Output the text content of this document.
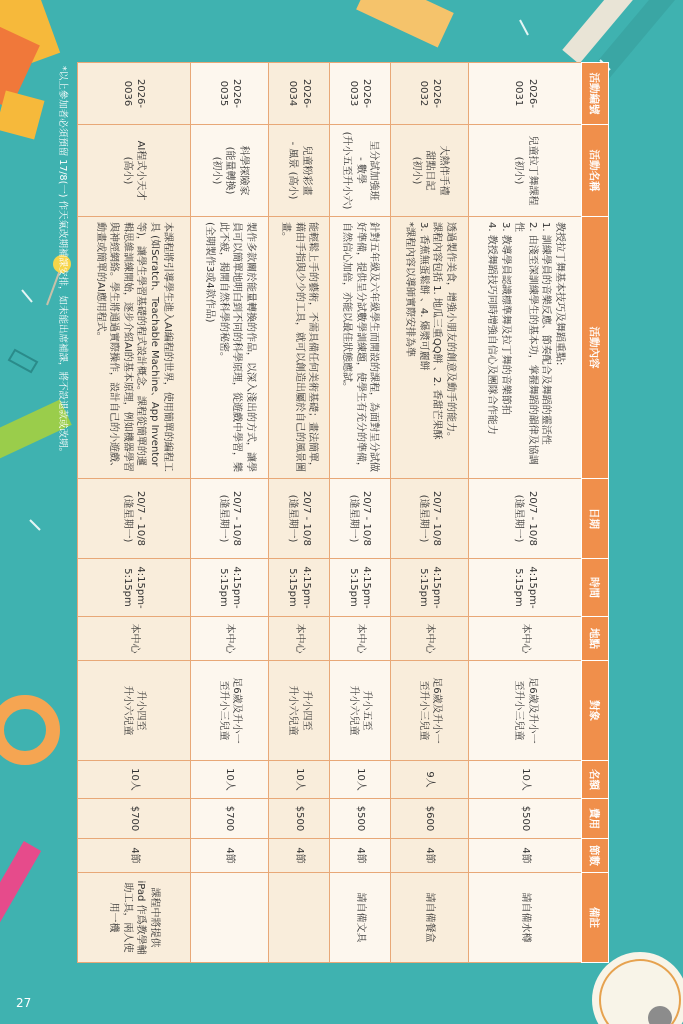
27
活動編號	活動名稱	活動內容	日期	時間	地點	對象	名額	費用	節數	備註
2026-0031	兒童拉丁舞課程
(初小)	教授拉丁舞基本技巧及舞蹈重點:
1. 訓練學員的音樂反應、節奏配合及舞蹈的靈活性
2. 由淺至深訓練學生的基本功，掌握舞蹈的韻律及協調性
3. 教導學員認識標準舞及拉丁舞的音樂節拍
4. 教授舞蹈技巧同時增強自信心及團隊合作能力	20/7 - 10/8
(逢星期一)	4:15pm-
5:15pm	本中心	足6歲及升小一
至升小三兒童	10人	$500	4節	請自備水樽
2026-0032	大熱伴手禮
甜點日記
(初小)	透過製作美食，增強小朋友的創意及動手的能力。
課程內容包括 1. 地瓜三重QQ餅 、2. 香甜芒果酥
3. 香蕉無蛋鬆餅 、4. 爆漿可麗餅
*課程內容以導師實際安排為準	20/7 - 10/8
(逢星期一)	4:15pm-
5:15pm	本中心	足6歲及升小一
至升小三兒童	9人	$600	4節	請自備餐盒
2026-0033	呈分試加強班
- 數學
(升小五至升小六)	針對五年級及六年級學生而開設的課程，為面對呈分試做好準備，提供呈分試數學訓練題，使學生有充分的準備，自然信心加倍，亦能以最佳狀態應試。	20/7 - 10/8
(逢星期一)	4:15pm-
5:15pm	本中心	升小五至
升小六兒童	10人	$500	4節	請自備文具
2026-0034	兒童粉彩畫
- 風景 (高小)	能輕鬆上手的藝術，不需具備任何美術基礎；畫法簡單，藉由手指與少少的工具，就可以創造出屬於自己的風景圖畫。	20/7 - 10/8
(逢星期一)	4:15pm-
5:15pm	本中心	升小四至
升小六兒童	10人	$500	4節	
2026-0035	科學探險家
(能量轉換)
(初小)	製作多款關於能量轉換的作品，以深入淺出的方式，讓學員可以簡單地明白到不同的科學原理，從遊戲中學習，樂此不疲，揭開自然科學的秘密。
(全期製作3或4款作品)	20/7 - 10/8
(逢星期一)	4:15pm-
5:15pm	本中心	足6歲及升小一
至升小三兒童	10人	$700	4節	
2026-0036	AI程式小天才
(高小)	本課程將引導學生進入AI編程的世界，使用簡單的編程工具 (如Scratch、Teachable Machine、App Inventor等)，讓學生學習基礎的程式設計概念。課程從簡單的邏輯思維訓練開始，逐步介紹AI的基本原理，例如機器學習與神經網絡。學生將通過實際操作，設計自己的小遊戲、動畫或簡單的AI應用程式。	20/7 - 10/8
(逢星期一)	4:15pm-
5:15pm	本中心	升小四至
升小六兒童	10人	$700	4節	課程中將提供iPad 作爲教學輔助工具，兩人使用一機
*以上參加者必須預留 17/8(一) 作天氣改期補課安排，如未能出席補課，將不設退款或改期。
